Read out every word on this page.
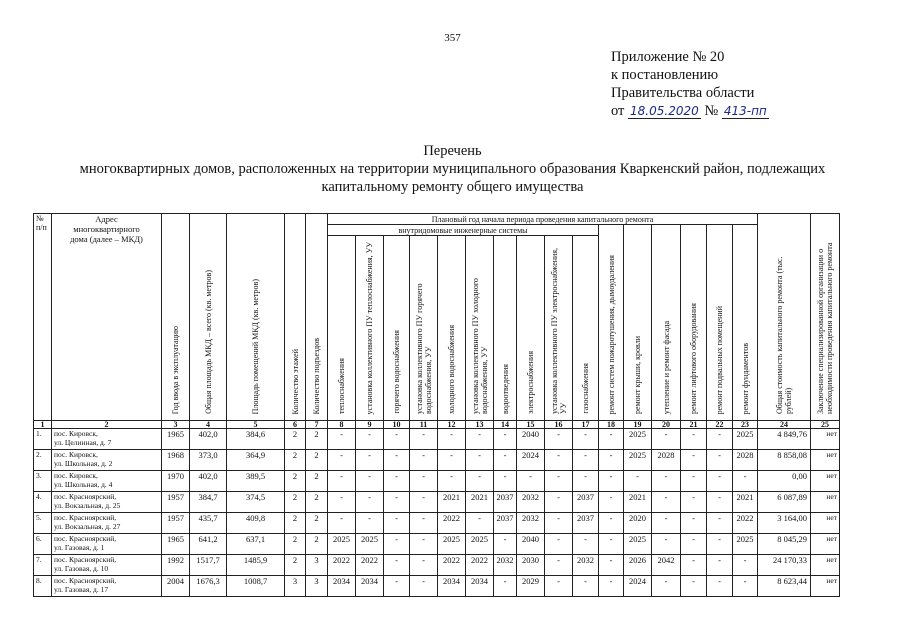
357
Приложение № 20
к постановлению
Правительства области
от 18.05.2020 № 413-пп
Перечень
многоквартирных домов, расположенных на территории муниципального образования Кваркенский район, подлежащих
капитальному ремонту общего имущества
№ п/п	Адрес многоквартирного дома (далее – МКД)	Год ввода в эксплуатацию	Общая площадь МКД – всего (кв. метров)	Площадь помещений МКД (кв. метров)	Количество этажей	Количество подъездов	Плановый год начала периода проведения капитального ремонта																Общая стоимость капитального ремонта (тыс. рублей)	Заключение специализированной организации о необходимости проведения капитального ремонта
							внутридомовые инженерные системы										ремонт систем пожаротушения, дымоудаления	ремонт крыши, кровли	утепление и ремонт фасада	ремонт лифтового оборудования	ремонт подвальных помещений	ремонт фундаментов		
							теплоснабжения	установка коллективного ПУ теплоснабжения, УУ	горячего водоснабжения	установка коллективного ПУ горячего водоснабжения, УУ	холодного водоснабжения	установка коллективного ПУ холодного водоснабжения, УУ	водоотведения	электроснабжения	установка коллективного ПУ электроснабжения, УУ	газоснабжения								
1	2	3	4	5	6	7	8	9	10	11	12	13	14	15	16	17	18	19	20	21	22	23	24	25
1.	пос. Кировск,
ул. Целинная, д. 7	1965	402,0	384,6	2	2	-	-	-	-	-	-	-	2040	-	-	-	2025	-	-	-	2025	4 849,76	нет
2.	пос. Кировск,
ул. Школьная, д. 2	1968	373,0	364,9	2	2	-	-	-	-	-	-	-	2024	-	-	-	2025	2028	-	-	2028	8 858,08	нет
3.	пос. Кировск,
ул. Школьная, д. 4	1970	402,0	389,5	2	2	-	-	-	-	-	-	-	-	-	-	-	-	-	-	-	-	0,00	нет
4.	пос. Красноярский,
ул. Вокзальная, д. 25	1957	384,7	374,5	2	2	-	-	-	-	2021	2021	2037	2032	-	2037	-	2021	-	-	-	2021	6 087,89	нет
5.	пос. Красноярский,
ул. Вокзальная, д. 27	1957	435,7	409,8	2	2	-	-	-	-	2022	-	2037	2032	-	2037	-	2020	-	-	-	2022	3 164,00	нет
6.	пос. Красноярский,
ул. Газовая, д. 1	1965	641,2	637,1	2	2	2025	2025	-	-	2025	2025	-	2040	-	-	-	2025	-	-	-	2025	8 045,29	нет
7.	пос. Красноярский,
ул. Газовая, д. 10	1992	1517,7	1485,9	2	3	2022	2022	-	-	2022	2022	2032	2030	-	2032	-	2026	2042	-	-	-	24 170,33	нет
8.	пос. Красноярский,
ул. Газовая, д. 17	2004	1676,3	1008,7	3	3	2034	2034	-	-	2034	2034	-	2029	-	-	-	2024	-	-	-	-	8 623,44	нет
